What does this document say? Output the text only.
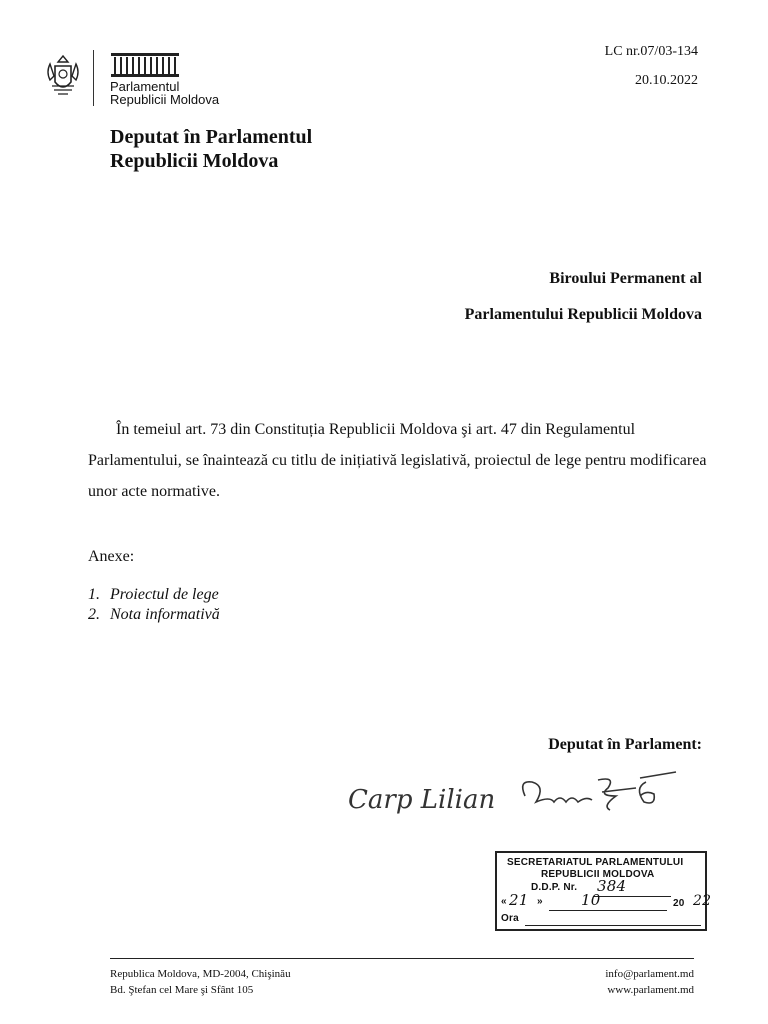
Parlamentul
Republicii Moldova
LC nr.07/03-134
20.10.2022
Deputat în Parlamentul
Republicii Moldova
Biroului Permanent al
Parlamentului Republicii Moldova
În temeiul art. 73 din Constituția Republicii Moldova şi art. 47 din Regulamentul Parlamentului, se înaintează cu titlu de inițiativă legislativă, proiectul de lege pentru modificarea unor acte normative.
Anexe:
1. Proiectul de lege
2. Nota informativă
Deputat în Parlament:
Carp Lilian
SECRETARIATUL PARLAMENTULUI
REPUBLICII MOLDOVA
D.D.P. Nr. 384
« 21 »	10	20 22
Ora
Republica Moldova, MD-2004, Chişinău
Bd. Ştefan cel Mare şi Sfânt 105
info@parlament.md
www.parlament.md
